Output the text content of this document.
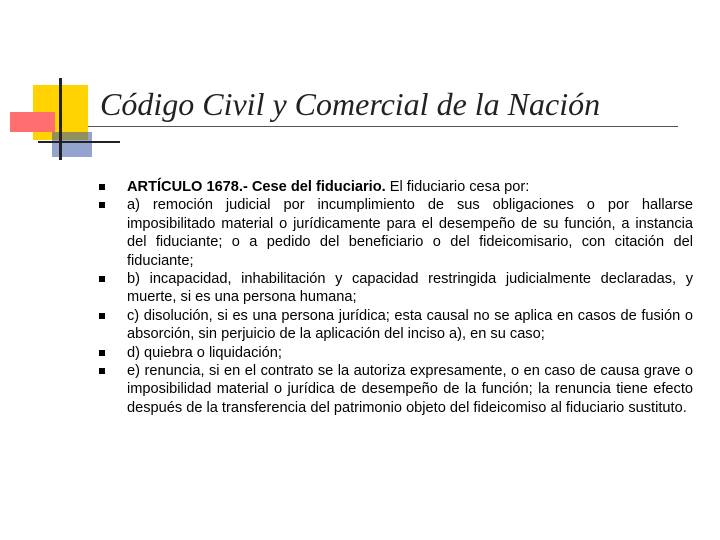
Código Civil y Comercial de la Nación
ARTÍCULO 1678.- Cese del fiduciario. El fiduciario cesa por:
a) remoción judicial por incumplimiento de sus obligaciones o por hallarse imposibilitado material o jurídicamente para el desempeño de su función, a instancia del fiduciante; o a pedido del beneficiario o del fideicomisario, con citación del fiduciante;
b) incapacidad, inhabilitación y capacidad restringida judicialmente declaradas, y muerte, si es una persona humana;
c) disolución, si es una persona jurídica; esta causal no se aplica en casos de fusión o absorción, sin perjuicio de la aplicación del inciso a), en su caso;
d) quiebra o liquidación;
e) renuncia, si en el contrato se la autoriza expresamente, o en caso de causa grave o imposibilidad material o jurídica de desempeño de la función; la renuncia tiene efecto después de la transferencia del patrimonio objeto del fideicomiso al fiduciario sustituto.
